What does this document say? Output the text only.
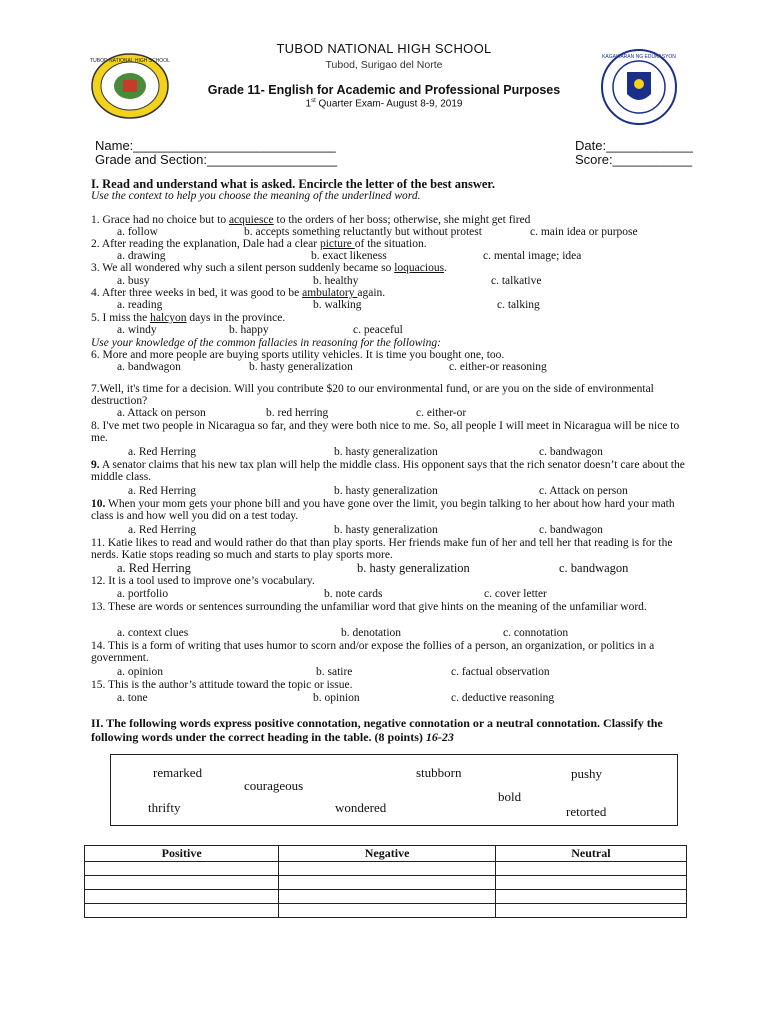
TUBOD NATIONAL HIGH SCHOOL
KAGAWARAN NG EDUKASYON
TUBOD NATIONAL HIGH SCHOOL
Tubod, Surigao del Norte
Grade 11- English for Academic and Professional Purposes
1st Quarter Exam- August 8-9, 2019
Name:____________________________
Grade and Section:__________________
Date:____________
Score:___________
I. Read and understand what is asked. Encircle the letter of the best answer.
Use the context to help you choose the meaning of the underlined word.
1. Grace had no choice but to acquiesce to the orders of her boss; otherwise, she might get fired
a. follow	b. accepts something reluctantly but without protest	c. main idea or purpose
2. After reading the explanation, Dale had a clear picture of the situation.
a. drawing	b. exact likeness	c. mental image; idea
3. We all wondered why such a silent person suddenly became so loquacious.
a. busy	b. healthy	c. talkative
4. After three weeks in bed, it was good to be ambulatory again.
a. reading	b. walking	c. talking
5. I miss the halcyon days in the province.
a. windy	b. happy	c. peaceful
Use your knowledge of the common fallacies in reasoning for the following:
6. More and more people are buying sports utility vehicles. It is time you bought one, too.
a. bandwagon	b. hasty generalization	c. either-or reasoning
7.Well, it's time for a decision. Will you contribute $20 to our environmental fund, or are you on the side of environmental destruction?
a. Attack on person	b. red herring	c. either-or
8. I've met two people in Nicaragua so far, and they were both nice to me. So, all people I will meet in Nicaragua will be nice to me.
a. Red Herring	b. hasty generalization	c. bandwagon
9. A senator claims that his new tax plan will help the middle class. His opponent says that the rich senator doesn’t care about the middle class.
a. Red Herring	b. hasty generalization	c. Attack on person
10. When your mom gets your phone bill and you have gone over the limit, you begin talking to her about how hard your math class is and how well you did on a test today.
a. Red Herring	b. hasty generalization	c. bandwagon
11. Katie likes to read and would rather do that than play sports. Her friends make fun of her and tell her that reading is for the nerds. Katie stops reading so much and starts to play sports more.
a. Red Herring	b. hasty generalization	c. bandwagon
12. It is a tool used to improve one’s vocabulary.
a. portfolio	b. note cards	c. cover letter
13. These are words or sentences surrounding the unfamiliar word that give hints on the meaning of the unfamiliar word.
a. context clues	b. denotation	c. connotation
14. This is a form of writing that uses humor to scorn and/or expose the follies of a person, an organization, or politics in a government.
a. opinion	b. satire	c. factual observation
15. This is the author’s attitude toward the topic or issue.
a. tone	b. opinion	c. deductive reasoning
II. The following words express positive connotation, negative connotation or a neutral connotation. Classify the following words under the correct heading in the table. (8 points) 16-23
remarked
courageous
thrifty	wondered
stubborn
bold
pushy
retorted
Positive	Negative	Neutral
